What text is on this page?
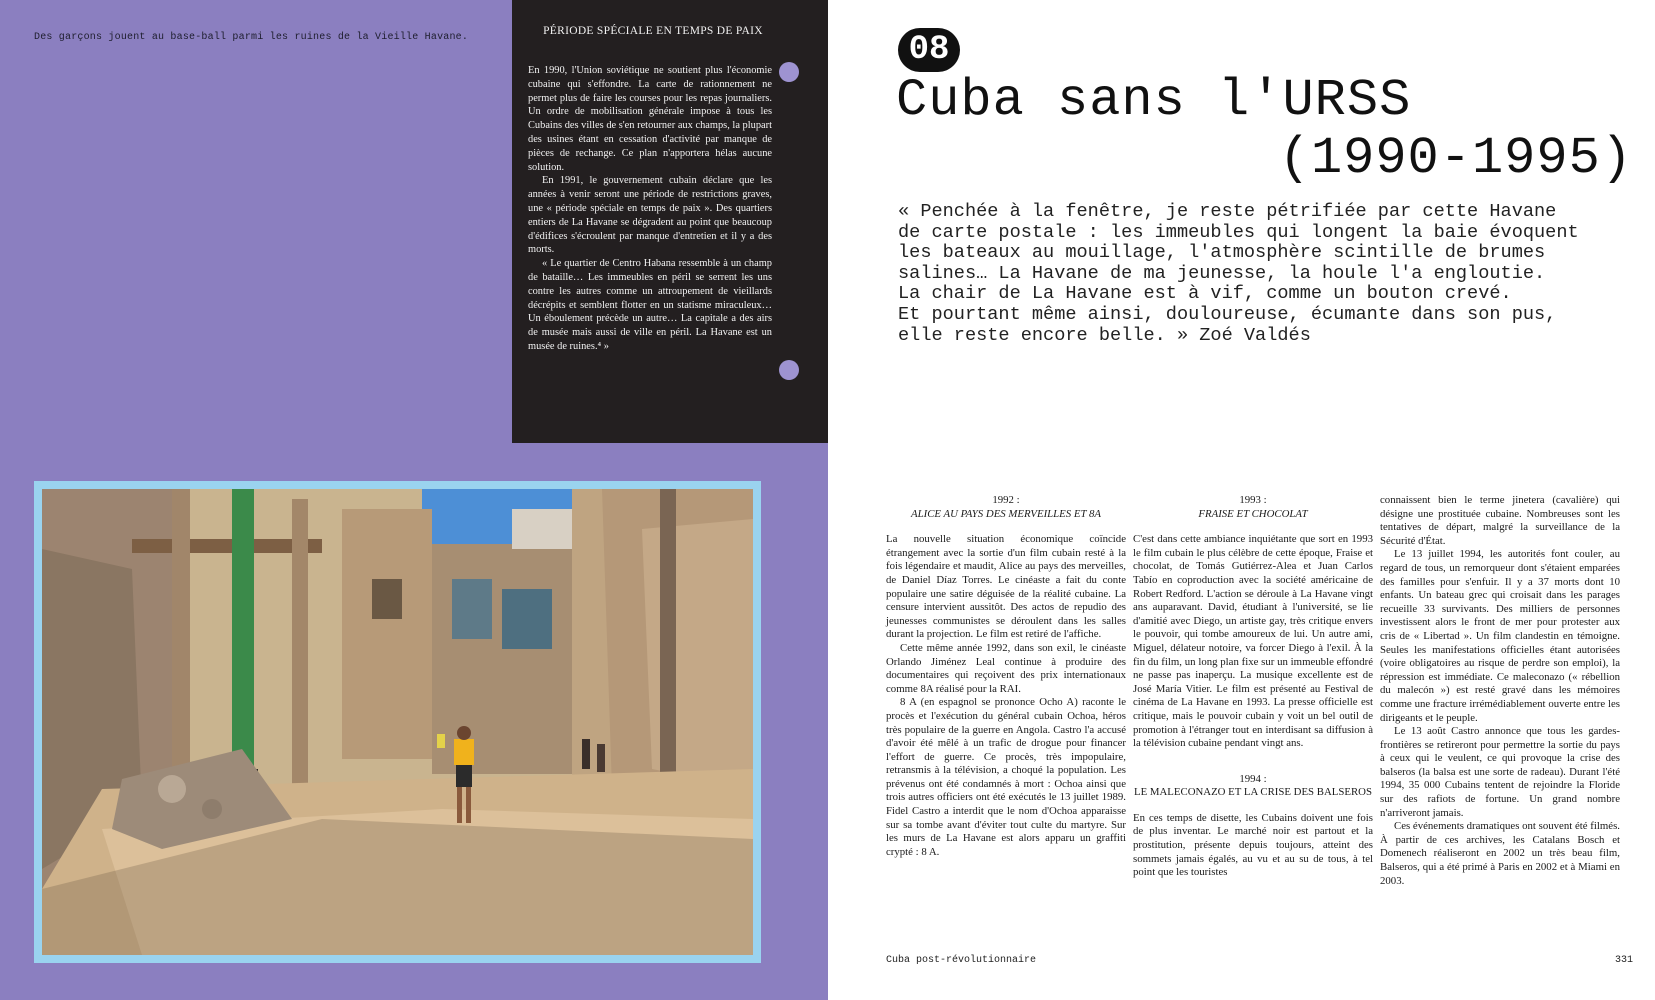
Des garçons jouent au base-ball parmi les ruines de la Vieille Havane.
PÉRIODE SPÉCIALE EN TEMPS DE PAIX

En 1990, l'Union soviétique ne soutient plus l'économie cubaine qui s'effondre. La carte de rationnement ne permet plus de faire les courses pour les repas journaliers. Un ordre de mobilisation générale impose à tous les Cubains des villes de s'en retourner aux champs, la plupart des usines étant en cessation d'activité par manque de pièces de rechange. Ce plan n'apportera hélas aucune solution.

En 1991, le gouvernement cubain déclare que les années à venir seront une période de restrictions graves, une « période spéciale en temps de paix ». Des quartiers entiers de La Havane se dégradent au point que beaucoup d'édifices s'écroulent par manque d'entretien et il y a des morts.

« Le quartier de Centro Habana ressemble à un champ de bataille… Les immeubles en péril se serrent les uns contre les autres comme un attroupement de vieillards décrépits et semblent flotter en un statisme miraculeux… Un éboulement précède un autre… La capitale a des airs de musée mais aussi de ville en péril. La Havane est un musée de ruines.⁴ »

08
Cuba sans l'URSS
(1990-1995)
« Penchée à la fenêtre, je reste pétrifiée par cette Havane
de carte postale : les immeubles qui longent la baie évoquent
les bateaux au mouillage, l'atmosphère scintille de brumes
salines… La Havane de ma jeunesse, la houle l'a engloutie.
La chair de La Havane est à vif, comme un bouton crevé.
Et pourtant même ainsi, douloureuse, écumante dans son pus,
elle reste encore belle. » Zoé Valdés

1992 :
ALICE AU PAYS DES MERVEILLES ET 8A

La nouvelle situation économique coïncide étrangement avec la sortie d'un film cubain resté à la fois légendaire et maudit, Alice au pays des merveilles, de Daniel Díaz Torres. Le cinéaste a fait du conte populaire une satire déguisée de la réalité cubaine. La censure intervient aussitôt. Des actos de repudio des jeunesses communistes se déroulent dans les salles durant la projection. Le film est retiré de l'affiche.

Cette même année 1992, dans son exil, le cinéaste Orlando Jiménez Leal continue à produire des documentaires qui reçoivent des prix internationaux comme 8A réalisé pour la RAI.

8 A (en espagnol se prononce Ocho A) raconte le procès et l'exécution du général cubain Ochoa, héros très populaire de la guerre en Angola. Castro l'a accusé d'avoir été mêlé à un trafic de drogue pour financer l'effort de guerre. Ce procès, très impopulaire, retransmis à la télévision, a choqué la population. Les prévenus ont été condamnés à mort : Ochoa ainsi que trois autres officiers ont été exécutés le 13 juillet 1989. Fidel Castro a interdit que le nom d'Ochoa apparaisse sur sa tombe avant d'éviter tout culte du martyre. Sur les murs de La Havane est alors apparu un graffiti crypté : 8 A.

1993 :
FRAISE ET CHOCOLAT

C'est dans cette ambiance inquiétante que sort en 1993 le film cubain le plus célèbre de cette époque, Fraise et chocolat, de Tomás Gutiérrez-Alea et Juan Carlos Tabío en coproduction avec la société américaine de Robert Redford. L'action se déroule à La Havane vingt ans auparavant. David, étudiant à l'université, se lie d'amitié avec Diego, un artiste gay, très critique envers le pouvoir, qui tombe amoureux de lui. Un autre ami, Miguel, délateur notoire, va forcer Diego à l'exil. À la fin du film, un long plan fixe sur un immeuble effondré ne passe pas inaperçu. La musique excellente est de José María Vitier. Le film est présenté au Festival de cinéma de La Havane en 1993. La presse officielle est critique, mais le pouvoir cubain y voit un bel outil de promotion à l'étranger tout en interdisant sa diffusion à la télévision cubaine pendant vingt ans.

1994 :
LE MALECONAZO ET LA CRISE DES BALSEROS

En ces temps de disette, les Cubains doivent une fois de plus inventar. Le marché noir est partout et la prostitution, présente depuis toujours, atteint des sommets jamais égalés, au vu et au su de tous, à tel point que les touristes

connaissent bien le terme jinetera (cavalière) qui désigne une prostituée cubaine. Nombreuses sont les tentatives de départ, malgré la surveillance de la Sécurité d'État.

Le 13 juillet 1994, les autorités font couler, au regard de tous, un remorqueur dont s'étaient emparées des familles pour s'enfuir. Il y a 37 morts dont 10 enfants. Un bateau grec qui croisait dans les parages recueille 33 survivants. Des milliers de personnes investissent alors le front de mer pour protester aux cris de « Libertad ». Un film clandestin en témoigne. Seules les manifestations officielles étant autorisées (voire obligatoires au risque de perdre son emploi), la répression est immédiate. Ce maleconazo (« rébellion du malecón ») est resté gravé dans les mémoires comme une fracture irrémédiablement ouverte entre les dirigeants et le peuple.

Le 13 août Castro annonce que tous les gardes-frontières se retireront pour permettre la sortie du pays à ceux qui le veulent, ce qui provoque la crise des balseros (la balsa est une sorte de radeau). Durant l'été 1994, 35 000 Cubains tentent de rejoindre la Floride sur des rafiots de fortune. Un grand nombre n'arriveront jamais.

Ces événements dramatiques ont souvent été filmés. À partir de ces archives, les Catalans Bosch et Domenech réaliseront en 2002 un très beau film, Balseros, qui a été primé à Paris en 2002 et à Miami en 2003.

Cuba post-révolutionnaire	331
